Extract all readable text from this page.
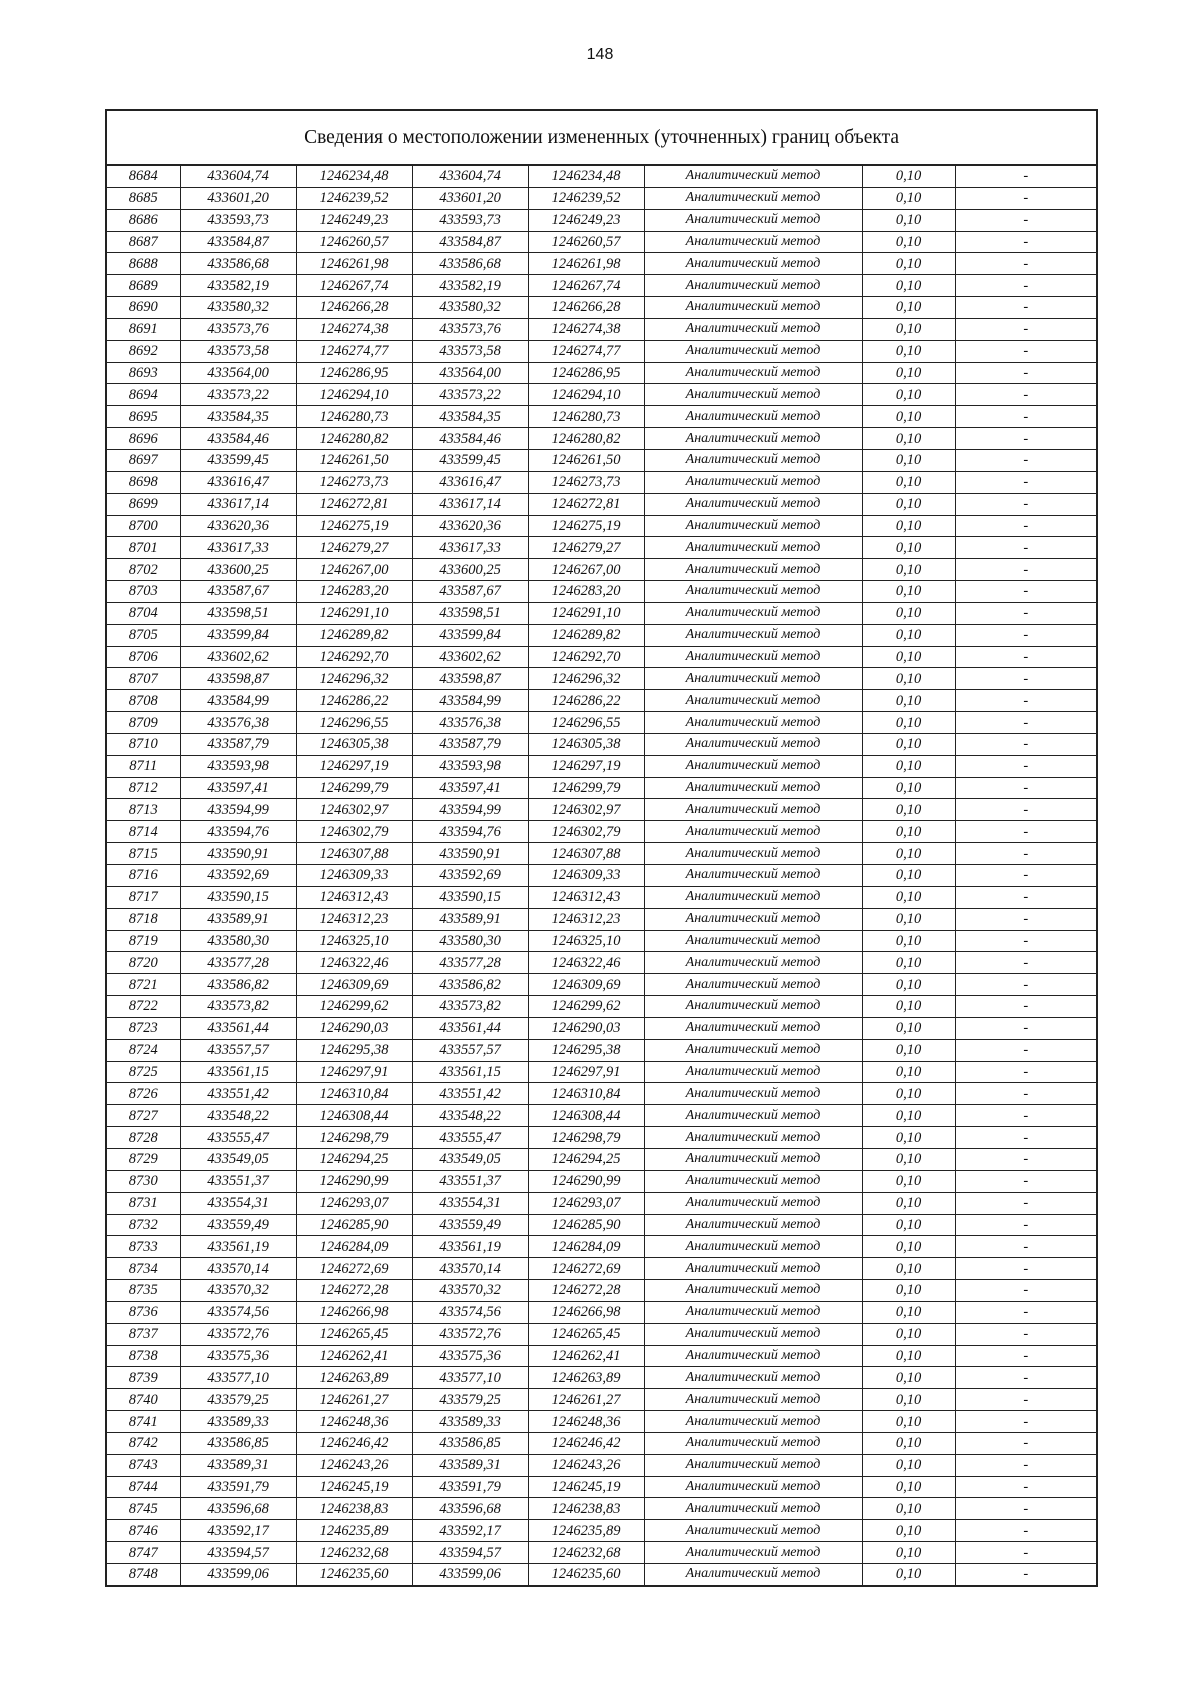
148
Сведения о местоположении измененных (уточненных) границ объекта							
8684	433604,74	1246234,48	433604,74	1246234,48	Аналитический метод	0,10	-
8685	433601,20	1246239,52	433601,20	1246239,52	Аналитический метод	0,10	-
8686	433593,73	1246249,23	433593,73	1246249,23	Аналитический метод	0,10	-
8687	433584,87	1246260,57	433584,87	1246260,57	Аналитический метод	0,10	-
8688	433586,68	1246261,98	433586,68	1246261,98	Аналитический метод	0,10	-
8689	433582,19	1246267,74	433582,19	1246267,74	Аналитический метод	0,10	-
8690	433580,32	1246266,28	433580,32	1246266,28	Аналитический метод	0,10	-
8691	433573,76	1246274,38	433573,76	1246274,38	Аналитический метод	0,10	-
8692	433573,58	1246274,77	433573,58	1246274,77	Аналитический метод	0,10	-
8693	433564,00	1246286,95	433564,00	1246286,95	Аналитический метод	0,10	-
8694	433573,22	1246294,10	433573,22	1246294,10	Аналитический метод	0,10	-
8695	433584,35	1246280,73	433584,35	1246280,73	Аналитический метод	0,10	-
8696	433584,46	1246280,82	433584,46	1246280,82	Аналитический метод	0,10	-
8697	433599,45	1246261,50	433599,45	1246261,50	Аналитический метод	0,10	-
8698	433616,47	1246273,73	433616,47	1246273,73	Аналитический метод	0,10	-
8699	433617,14	1246272,81	433617,14	1246272,81	Аналитический метод	0,10	-
8700	433620,36	1246275,19	433620,36	1246275,19	Аналитический метод	0,10	-
8701	433617,33	1246279,27	433617,33	1246279,27	Аналитический метод	0,10	-
8702	433600,25	1246267,00	433600,25	1246267,00	Аналитический метод	0,10	-
8703	433587,67	1246283,20	433587,67	1246283,20	Аналитический метод	0,10	-
8704	433598,51	1246291,10	433598,51	1246291,10	Аналитический метод	0,10	-
8705	433599,84	1246289,82	433599,84	1246289,82	Аналитический метод	0,10	-
8706	433602,62	1246292,70	433602,62	1246292,70	Аналитический метод	0,10	-
8707	433598,87	1246296,32	433598,87	1246296,32	Аналитический метод	0,10	-
8708	433584,99	1246286,22	433584,99	1246286,22	Аналитический метод	0,10	-
8709	433576,38	1246296,55	433576,38	1246296,55	Аналитический метод	0,10	-
8710	433587,79	1246305,38	433587,79	1246305,38	Аналитический метод	0,10	-
8711	433593,98	1246297,19	433593,98	1246297,19	Аналитический метод	0,10	-
8712	433597,41	1246299,79	433597,41	1246299,79	Аналитический метод	0,10	-
8713	433594,99	1246302,97	433594,99	1246302,97	Аналитический метод	0,10	-
8714	433594,76	1246302,79	433594,76	1246302,79	Аналитический метод	0,10	-
8715	433590,91	1246307,88	433590,91	1246307,88	Аналитический метод	0,10	-
8716	433592,69	1246309,33	433592,69	1246309,33	Аналитический метод	0,10	-
8717	433590,15	1246312,43	433590,15	1246312,43	Аналитический метод	0,10	-
8718	433589,91	1246312,23	433589,91	1246312,23	Аналитический метод	0,10	-
8719	433580,30	1246325,10	433580,30	1246325,10	Аналитический метод	0,10	-
8720	433577,28	1246322,46	433577,28	1246322,46	Аналитический метод	0,10	-
8721	433586,82	1246309,69	433586,82	1246309,69	Аналитический метод	0,10	-
8722	433573,82	1246299,62	433573,82	1246299,62	Аналитический метод	0,10	-
8723	433561,44	1246290,03	433561,44	1246290,03	Аналитический метод	0,10	-
8724	433557,57	1246295,38	433557,57	1246295,38	Аналитический метод	0,10	-
8725	433561,15	1246297,91	433561,15	1246297,91	Аналитический метод	0,10	-
8726	433551,42	1246310,84	433551,42	1246310,84	Аналитический метод	0,10	-
8727	433548,22	1246308,44	433548,22	1246308,44	Аналитический метод	0,10	-
8728	433555,47	1246298,79	433555,47	1246298,79	Аналитический метод	0,10	-
8729	433549,05	1246294,25	433549,05	1246294,25	Аналитический метод	0,10	-
8730	433551,37	1246290,99	433551,37	1246290,99	Аналитический метод	0,10	-
8731	433554,31	1246293,07	433554,31	1246293,07	Аналитический метод	0,10	-
8732	433559,49	1246285,90	433559,49	1246285,90	Аналитический метод	0,10	-
8733	433561,19	1246284,09	433561,19	1246284,09	Аналитический метод	0,10	-
8734	433570,14	1246272,69	433570,14	1246272,69	Аналитический метод	0,10	-
8735	433570,32	1246272,28	433570,32	1246272,28	Аналитический метод	0,10	-
8736	433574,56	1246266,98	433574,56	1246266,98	Аналитический метод	0,10	-
8737	433572,76	1246265,45	433572,76	1246265,45	Аналитический метод	0,10	-
8738	433575,36	1246262,41	433575,36	1246262,41	Аналитический метод	0,10	-
8739	433577,10	1246263,89	433577,10	1246263,89	Аналитический метод	0,10	-
8740	433579,25	1246261,27	433579,25	1246261,27	Аналитический метод	0,10	-
8741	433589,33	1246248,36	433589,33	1246248,36	Аналитический метод	0,10	-
8742	433586,85	1246246,42	433586,85	1246246,42	Аналитический метод	0,10	-
8743	433589,31	1246243,26	433589,31	1246243,26	Аналитический метод	0,10	-
8744	433591,79	1246245,19	433591,79	1246245,19	Аналитический метод	0,10	-
8745	433596,68	1246238,83	433596,68	1246238,83	Аналитический метод	0,10	-
8746	433592,17	1246235,89	433592,17	1246235,89	Аналитический метод	0,10	-
8747	433594,57	1246232,68	433594,57	1246232,68	Аналитический метод	0,10	-
8748	433599,06	1246235,60	433599,06	1246235,60	Аналитический метод	0,10	-
